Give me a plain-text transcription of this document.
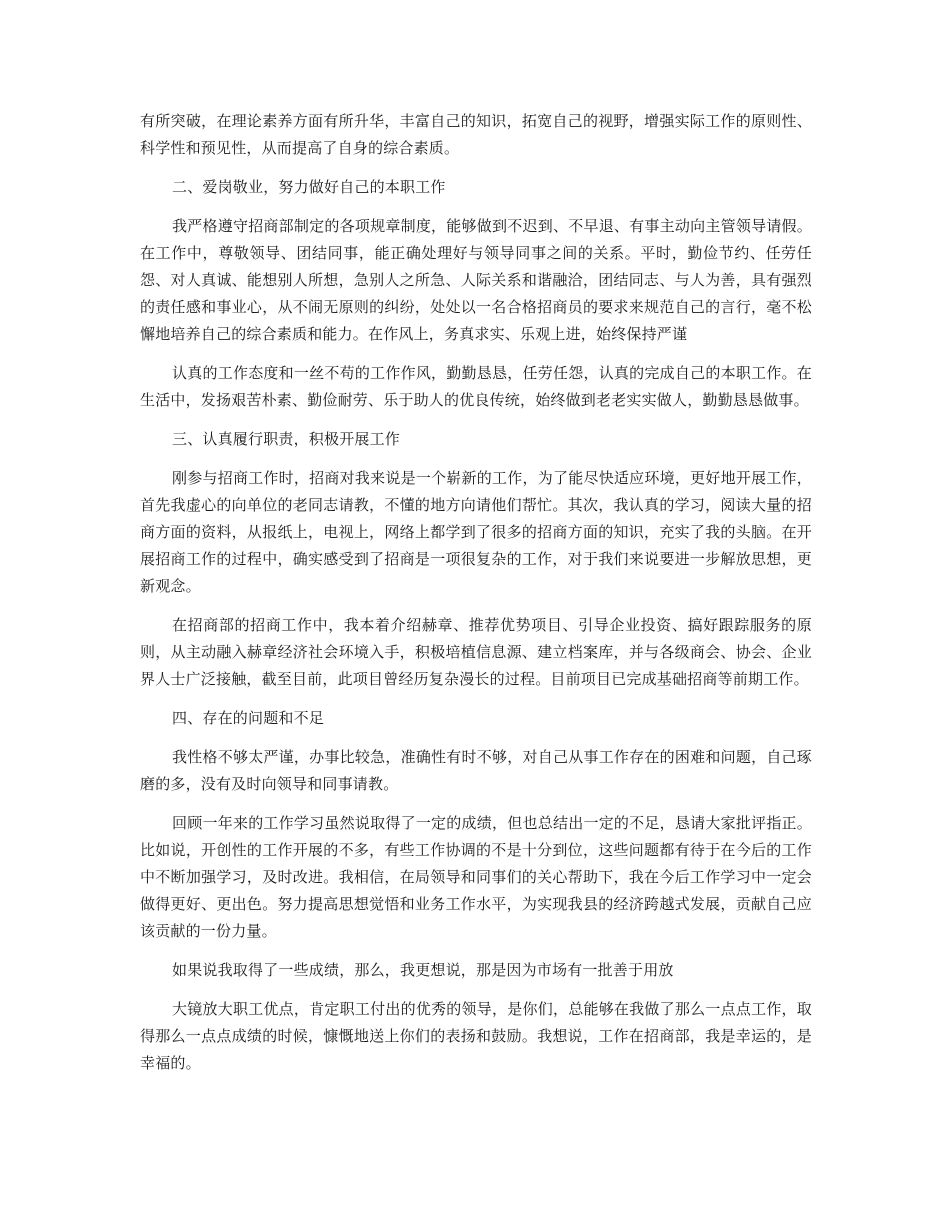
有所突破，在理论素养方面有所升华，丰富自己的知识，拓宽自己的视野，增强实际工作的原则性、科学性和预见性，从而提高了自身的综合素质。

二、爱岗敬业，努力做好自己的本职工作

我严格遵守招商部制定的各项规章制度，能够做到不迟到、不早退、有事主动向主管领导请假。在工作中，尊敬领导、团结同事，能正确处理好与领导同事之间的关系。平时，勤俭节约、任劳任怨、对人真诚、能想别人所想，急别人之所急、人际关系和谐融洽，团结同志、与人为善，具有强烈的责任感和事业心，从不闹无原则的纠纷，处处以一名合格招商员的要求来规范自己的言行，毫不松懈地培养自己的综合素质和能力。在作风上，务真求实、乐观上进，始终保持严谨

认真的工作态度和一丝不苟的工作作风，勤勤恳恳，任劳任怨，认真的完成自己的本职工作。在生活中，发扬艰苦朴素、勤俭耐劳、乐于助人的优良传统，始终做到老老实实做人，勤勤恳恳做事。

三、认真履行职责，积极开展工作

刚参与招商工作时，招商对我来说是一个崭新的工作，为了能尽快适应环境，更好地开展工作，首先我虚心的向单位的老同志请教，不懂的地方向请他们帮忙。其次，我认真的学习，阅读大量的招商方面的资料，从报纸上，电视上，网络上都学到了很多的招商方面的知识，充实了我的头脑。在开展招商工作的过程中，确实感受到了招商是一项很复杂的工作，对于我们来说要进一步解放思想，更新观念。

在招商部的招商工作中，我本着介绍赫章、推荐优势项目、引导企业投资、搞好跟踪服务的原则，从主动融入赫章经济社会环境入手，积极培植信息源、建立档案库，并与各级商会、协会、企业界人士广泛接触，截至目前，此项目曾经历复杂漫长的过程。目前项目已完成基础招商等前期工作。

四、存在的问题和不足

我性格不够太严谨，办事比较急，准确性有时不够，对自己从事工作存在的困难和问题，自己琢磨的多，没有及时向领导和同事请教。

回顾一年来的工作学习虽然说取得了一定的成绩，但也总结出一定的不足，恳请大家批评指正。比如说，开创性的工作开展的不多，有些工作协调的不是十分到位，这些问题都有待于在今后的工作中不断加强学习，及时改进。我相信，在局领导和同事们的关心帮助下，我在今后工作学习中一定会做得更好、更出色。努力提高思想觉悟和业务工作水平，为实现我县的经济跨越式发展，贡献自己应该贡献的一份力量。

如果说我取得了一些成绩，那么，我更想说，那是因为市场有一批善于用放

大镜放大职工优点，肯定职工付出的优秀的领导，是你们，总能够在我做了那么一点点工作，取得那么一点点成绩的时候，慷慨地送上你们的表扬和鼓励。我想说，工作在招商部，我是幸运的，是幸福的。
